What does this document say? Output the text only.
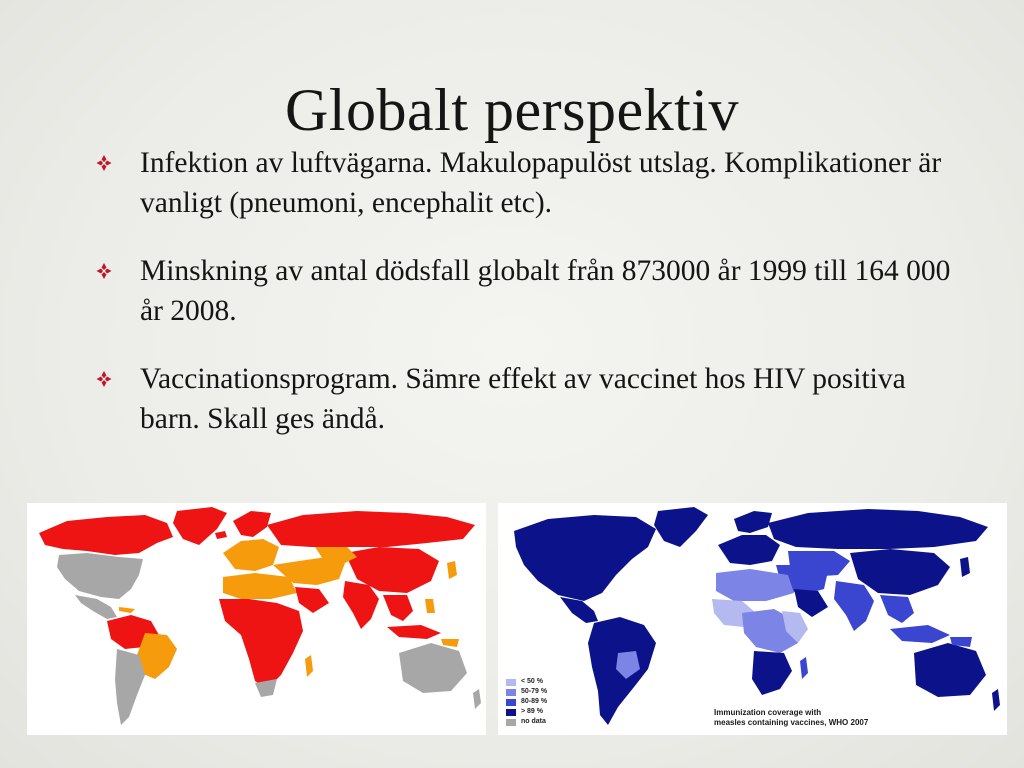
Globalt perspektiv
Infektion av luftvägarna. Makulopapulöst utslag. Komplikationer är vanligt (pneumoni, encephalit etc).
Minskning av antal dödsfall globalt från 873000 år 1999 till 164 000 år 2008.
Vaccinationsprogram. Sämre effekt av vaccinet hos HIV positiva barn. Skall ges ändå.
< 50 %
50-79 %
80-89 %
> 89 %
no data
Immunization coverage with
measles containing vaccines, WHO 2007
